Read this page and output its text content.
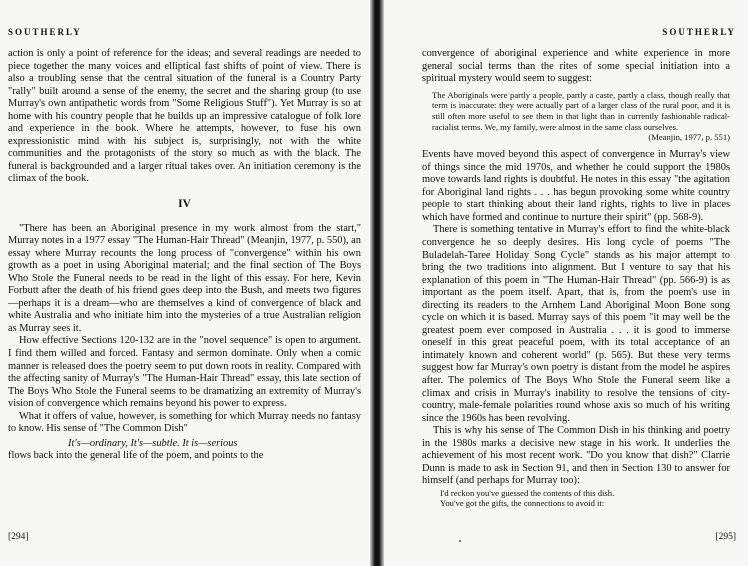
SOUTHERLY

action is only a point of reference for the ideas; and several readings are needed to piece together the many voices and elliptical fast shifts of point of view. There is also a troubling sense that the central situation of the funeral is a Country Party "rally" built around a sense of the enemy, the secret and the sharing group (to use Murray's own antipathetic words from "Some Religious Stuff"). Yet Murray is so at home with his country people that he builds up an impressive catalogue of folk lore and experience in the book. Where he attempts, however, to fuse his own expressionistic mind with his subject is, surprisingly, not with the white communities and the protagonists of the story so much as with the black. The funeral is backgrounded and a larger ritual takes over. An initiation ceremony is the climax of the book.

IV

"There has been an Aboriginal presence in my work almost from the start," Murray notes in a 1977 essay "The Human-Hair Thread" (Meanjin, 1977, p. 550), an essay where Murray recounts the long process of "convergence" within his own growth as a poet in using Aboriginal material; and the final section of The Boys Who Stole the Funeral needs to be read in the light of this essay. For here, Kevin Forbutt after the death of his friend goes deep into the Bush, and meets two figures—perhaps it is a dream—who are themselves a kind of convergence of black and white Australia and who initiate him into the mysteries of a true Australian religion as Murray sees it.

How effective Sections 120-132 are in the "novel sequence" is open to argument. I find them willed and forced. Fantasy and sermon dominate. Only when a comic manner is released does the poetry seem to put down roots in reality. Compared with the affecting sanity of Murray's "The Human-Hair Thread" essay, this late section of The Boys Who Stole the Funeral seems to be dramatizing an extremity of Murray's vision of convergence which remains beyond his power to express.

What it offers of value, however, is something for which Murray needs no fantasy to know. His sense of "The Common Dish"

It's—ordinary, It's—subtle. It is—serious

flows back into the general life of the poem, and points to the

[294]
SOUTHERLY

convergence of aboriginal experience and white experience in more general social terms than the rites of some special initiation into a spiritual mystery would seem to suggest:

The Aboriginals were partly a people, partly a caste, partly a class, though really that term is inaccurate: they were actually part of a larger class of the rural poor, and it is still often more useful to see them in that light than in currently fashionable radical-racialist terms. We, my family, were almost in the same class ourselves.
(Meanjin, 1977, p. 551)

Events have moved beyond this aspect of convergence in Murray's view of things since the mid 1970s, and whether he could support the 1980s move towards land rights is doubtful. He notes in this essay "the agitation for Aboriginal land rights . . . has begun provoking some white country people to start thinking about their land rights, rights to live in places which have formed and continue to nurture their spirit" (pp. 568-9).

There is something tentative in Murray's effort to find the white-black convergence he so deeply desires. His long cycle of poems "The Buladelah-Taree Holiday Song Cycle" stands as his major attempt to bring the two traditions into alignment. But I venture to say that his explanation of this poem in "The Human-Hair Thread" (pp. 566-9) is as important as the poem itself. Apart, that is, from the poem's use in directing its readers to the Arnhem Land Aboriginal Moon Bone song cycle on which it is based. Murray says of this poem "it may well be the greatest poem ever composed in Australia . . . it is good to immerse oneself in this great peaceful poem, with its total acceptance of an intimately known and coherent world" (p. 565). But these very terms suggest how far Murray's own poetry is distant from the model he aspires after. The polemics of The Boys Who Stole the Funeral seem like a climax and crisis in Murray's inability to resolve the tensions of city-country, male-female polarities round whose axis so much of his writing since the 1960s has been revolving.

This is why his sense of The Common Dish in his thinking and poetry in the 1980s marks a decisive new stage in his work. It underlies the achievement of his most recent work. "Do you know that dish?" Clarrie Dunn is made to ask in Section 91, and then in Section 130 to answer for himself (and perhaps for Murray too):

I'd reckon you've guessed the contents of this dish.
You've got the gifts, the connections to avoid it:
[295]
